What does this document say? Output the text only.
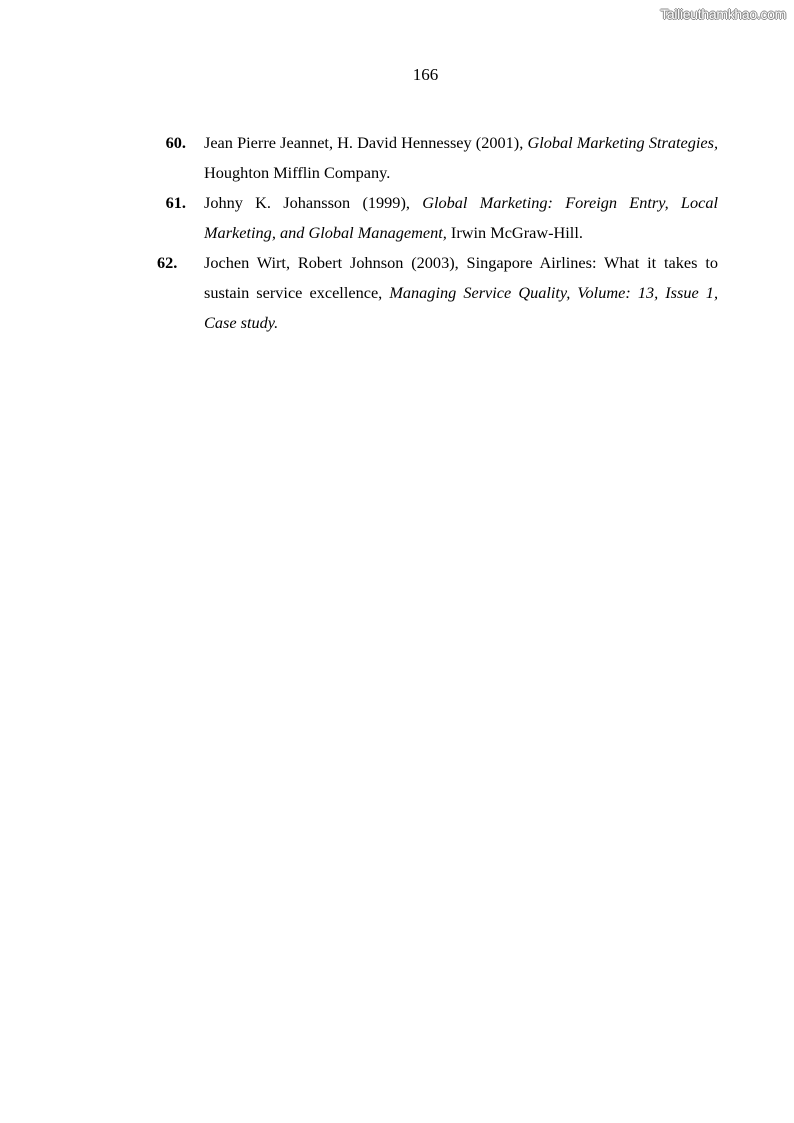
Tailieuthamkhao.com
166
60. Jean Pierre Jeannet, H. David Hennessey (2001), Global Marketing Strategies, Houghton Mifflin Company.
61. Johny K. Johansson (1999), Global Marketing: Foreign Entry, Local Marketing, and Global Management, Irwin McGraw-Hill.
62. Jochen Wirt, Robert Johnson (2003), Singapore Airlines: What it takes to sustain service excellence, Managing Service Quality, Volume: 13, Issue 1, Case study.
